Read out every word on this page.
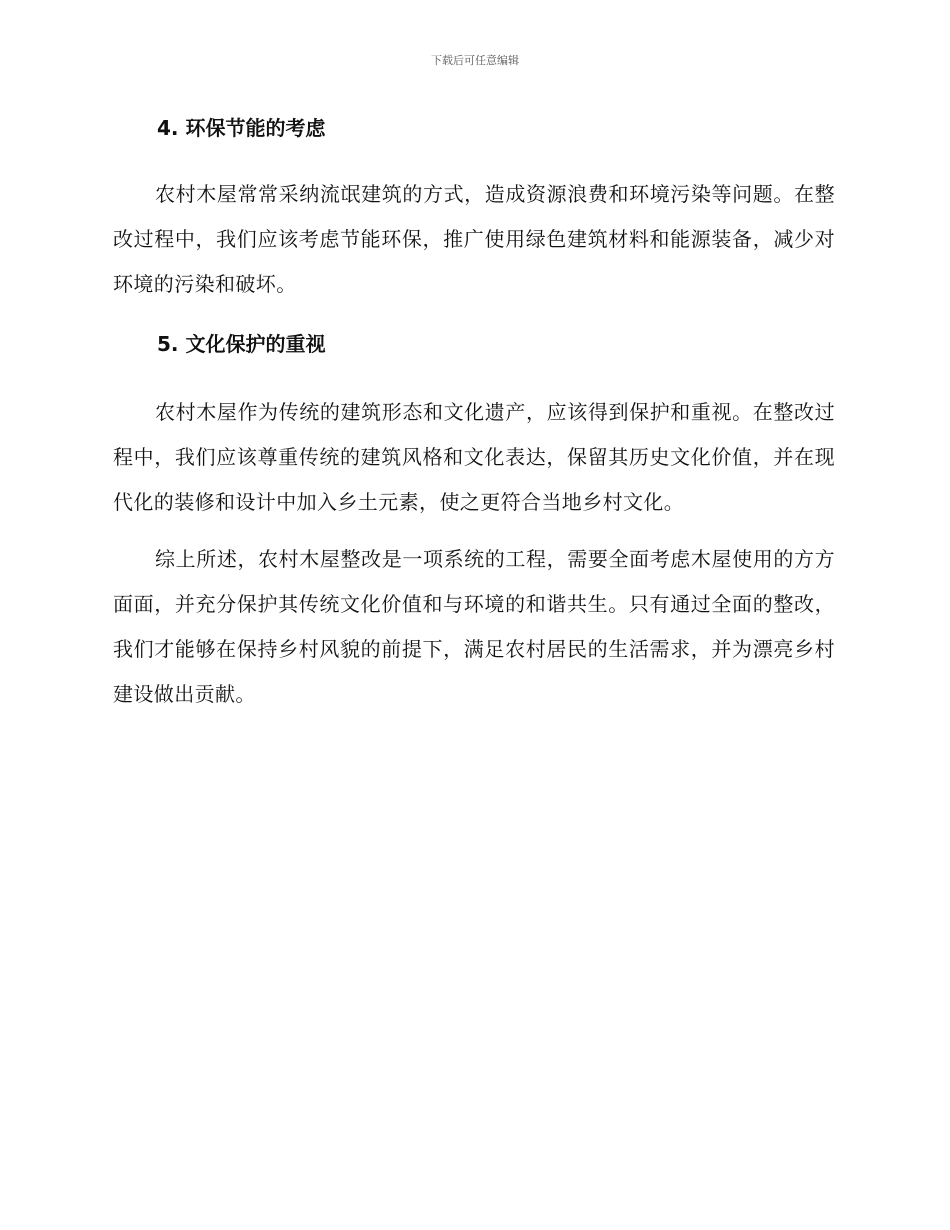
下载后可任意编辑
4. 环保节能的考虑

农村木屋常常采纳流氓建筑的方式，造成资源浪费和环境污染等问题。在整改过程中，我们应该考虑节能环保，推广使用绿色建筑材料和能源装备，减少对环境的污染和破坏。

5. 文化保护的重视

农村木屋作为传统的建筑形态和文化遗产，应该得到保护和重视。在整改过程中，我们应该尊重传统的建筑风格和文化表达，保留其历史文化价值，并在现代化的装修和设计中加入乡土元素，使之更符合当地乡村文化。

综上所述，农村木屋整改是一项系统的工程，需要全面考虑木屋使用的方方面面，并充分保护其传统文化价值和与环境的和谐共生。只有通过全面的整改，我们才能够在保持乡村风貌的前提下，满足农村居民的生活需求，并为漂亮乡村建设做出贡献。
